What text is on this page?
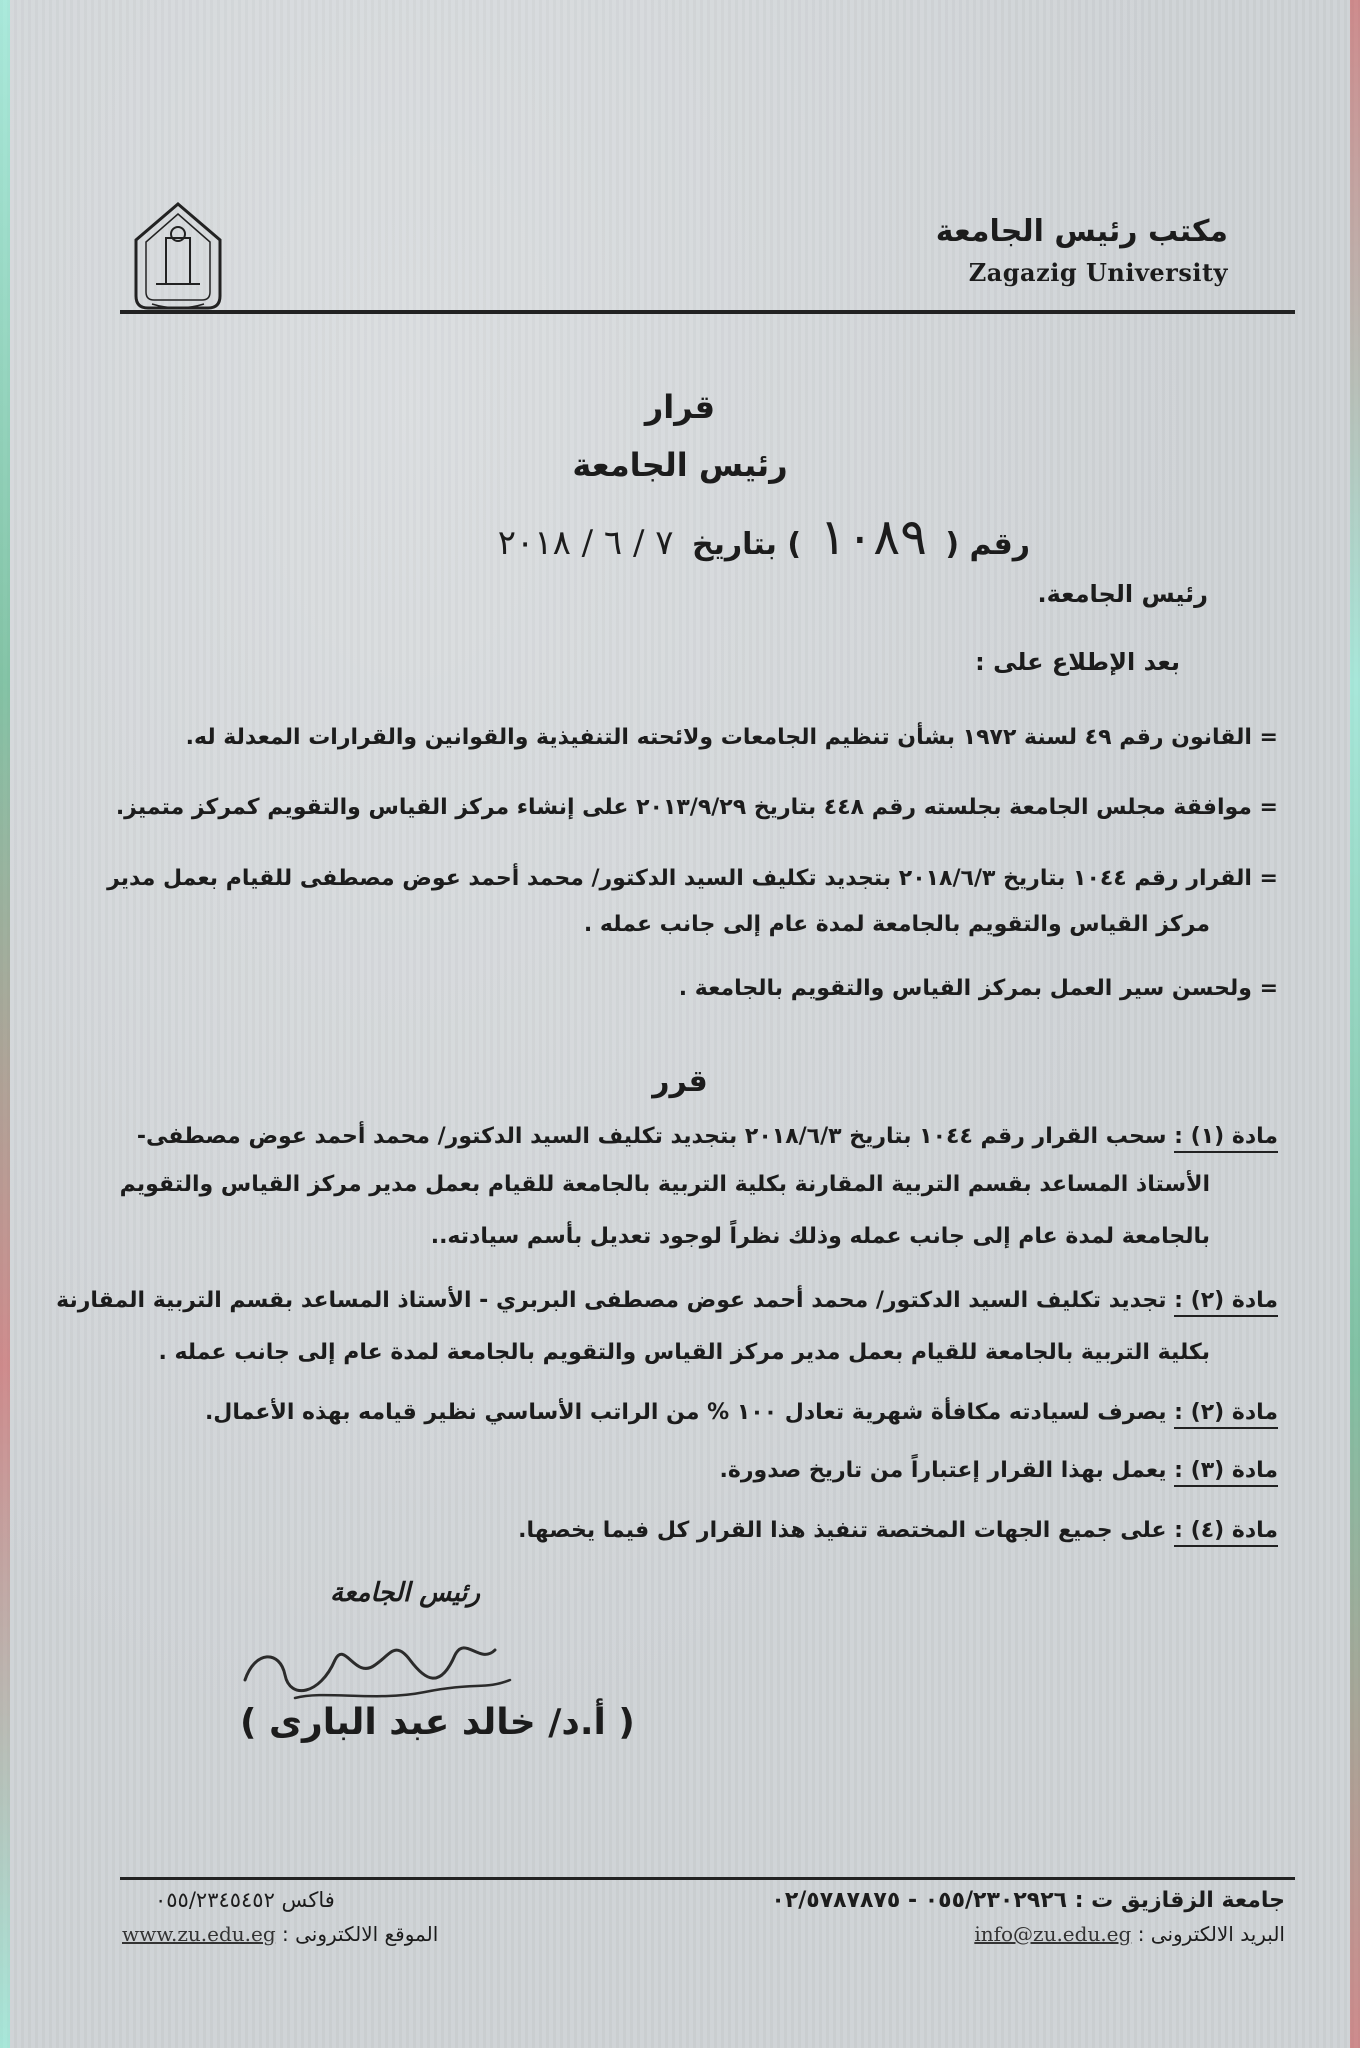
مكتب رئيس الجامعة
Zagazig University
قرار
رئيس الجامعة
رقم ( ١٠٨٩ ) بتاريخ ٧ / ٦ / ٢٠١٨
رئيس الجامعة.
بعد الإطلاع على :
= القانون رقم ٤٩ لسنة ١٩٧٢ بشأن تنظيم الجامعات ولائحته التنفيذية والقوانين والقرارات المعدلة له.
= موافقة مجلس الجامعة بجلسته رقم ٤٤٨ بتاريخ ٢٠١٣/٩/٢٩ على إنشاء مركز القياس والتقويم كمركز متميز.
= القرار رقم ١٠٤٤ بتاريخ ٢٠١٨/٦/٣ بتجديد تكليف السيد الدكتور/ محمد أحمد عوض مصطفى للقيام بعمل مدير
مركز القياس والتقويم بالجامعة لمدة عام إلى جانب عمله .
= ولحسن سير العمل بمركز القياس والتقويم بالجامعة .
قرر
مادة (١) : سحب القرار رقم ١٠٤٤ بتاريخ ٢٠١٨/٦/٣ بتجديد تكليف السيد الدكتور/ محمد أحمد عوض مصطفى-
الأستاذ المساعد بقسم التربية المقارنة بكلية التربية بالجامعة للقيام بعمل مدير مركز القياس والتقويم
بالجامعة لمدة عام إلى جانب عمله وذلك نظراً لوجود تعديل بأسم سيادته..
مادة (٢) : تجديد تكليف السيد الدكتور/ محمد أحمد عوض مصطفى البربري - الأستاذ المساعد بقسم التربية المقارنة
بكلية التربية بالجامعة للقيام بعمل مدير مركز القياس والتقويم بالجامعة لمدة عام إلى جانب عمله .
مادة (٢) : يصرف لسيادته مكافأة شهرية تعادل ١٠٠ % من الراتب الأساسي نظير قيامه بهذه الأعمال.
مادة (٣) : يعمل بهذا القرار إعتباراً من تاريخ صدورة.
مادة (٤) : على جميع الجهات المختصة تنفيذ هذا القرار كل فيما يخصها.
رئيس الجامعة
( أ.د/ خالد عبد البارى )
جامعة الزقازيق ت : ٠٥٥/٢٣٠٢٩٢٦ - ٠٢/٥٧٨٧٨٧٥
فاكس ٠٥٥/٢٣٤٥٤٥٢
البريد الالكترونى : info@zu.edu.eg
الموقع الالكترونى : www.zu.edu.eg
